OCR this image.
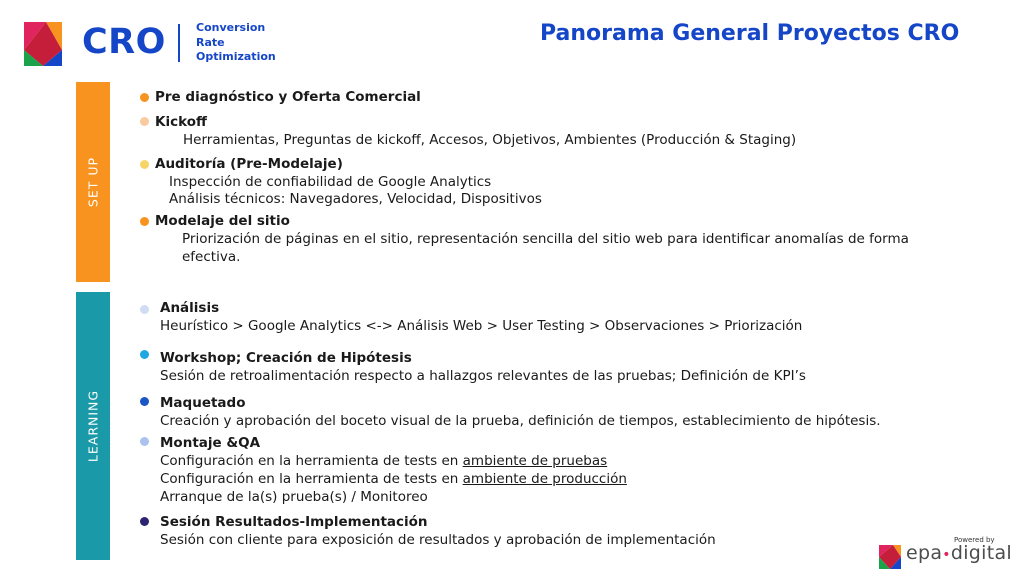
CRO	Conversion
Rate
Optimization
Panorama General Proyectos CRO
SET UP
LEARNING
Pre diagnóstico y Oferta Comercial
Kickoff
Herramientas, Preguntas de kickoff, Accesos, Objetivos, Ambientes (Producción & Staging)
Auditoría (Pre-Modelaje)
Inspección de confiabilidad de Google Analytics
Análisis técnicos: Navegadores, Velocidad, Dispositivos
Modelaje del sitio
Priorización de páginas en el sitio, representación sencilla del sitio web para identificar anomalías de forma
efectiva.
Análisis
Heurístico > Google Analytics <-> Análisis Web > User Testing > Observaciones > Priorización
Workshop; Creación de Hipótesis
Sesión de retroalimentación respecto a hallazgos relevantes de las pruebas; Definición de KPI’s
Maquetado
Creación y aprobación del boceto visual de la prueba, definición de tiempos, establecimiento de hipótesis.
Montaje &QA
Configuración en la herramienta de tests en ambiente de pruebas
Configuración en la herramienta de tests en ambiente de producción
Arranque de la(s) prueba(s) / Monitoreo
Sesión Resultados-Implementación
Sesión con cliente para exposición de resultados y aprobación de implementación	Powered by
epa•digital
